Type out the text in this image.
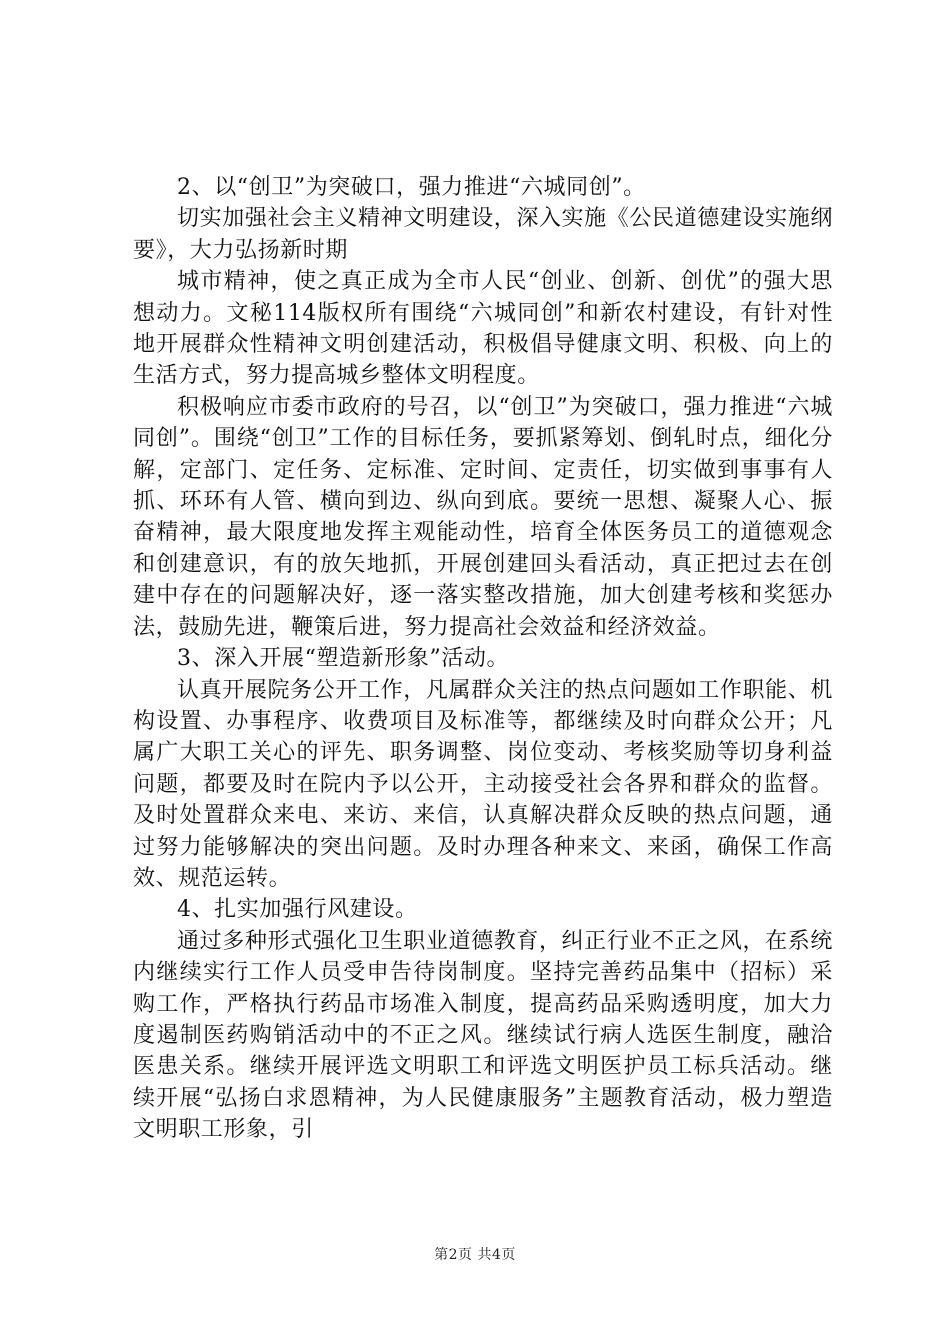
2、以“创卫”为突破口，强力推进“六城同创”。

切实加强社会主义精神文明建设，深入实施《公民道德建设实施纲要》，大力弘扬新时期

城市精神，使之真正成为全市人民“创业、创新、创优”的强大思想动力。文秘114版权所有围绕“六城同创”和新农村建设，有针对性地开展群众性精神文明创建活动，积极倡导健康文明、积极、向上的生活方式，努力提高城乡整体文明程度。

积极响应市委市政府的号召，以“创卫”为突破口，强力推进“六城同创”。围绕“创卫”工作的目标任务，要抓紧筹划、倒轧时点，细化分解，定部门、定任务、定标准、定时间、定责任，切实做到事事有人抓、环环有人管、横向到边、纵向到底。要统一思想、凝聚人心、振奋精神，最大限度地发挥主观能动性，培育全体医务员工的道德观念和创建意识，有的放矢地抓，开展创建回头看活动，真正把过去在创建中存在的问题解决好，逐一落实整改措施，加大创建考核和奖惩办法，鼓励先进，鞭策后进，努力提高社会效益和经济效益。

3、深入开展“塑造新形象”活动。

认真开展院务公开工作，凡属群众关注的热点问题如工作职能、机构设置、办事程序、收费项目及标准等，都继续及时向群众公开；凡属广大职工关心的评先、职务调整、岗位变动、考核奖励等切身利益问题，都要及时在院内予以公开，主动接受社会各界和群众的监督。及时处置群众来电、来访、来信，认真解决群众反映的热点问题，通过努力能够解决的突出问题。及时办理各种来文、来函，确保工作高效、规范运转。

4、扎实加强行风建设。

通过多种形式强化卫生职业道德教育，纠正行业不正之风，在系统内继续实行工作人员受申告待岗制度。坚持完善药品集中（招标）采购工作，严格执行药品市场准入制度，提高药品采购透明度，加大力度遏制医药购销活动中的不正之风。继续试行病人选医生制度，融洽医患关系。继续开展评选文明职工和评选文明医护员工标兵活动。继续开展“弘扬白求恩精神，为人民健康服务”主题教育活动，极力塑造文明职工形象，引

第2页 共4页
